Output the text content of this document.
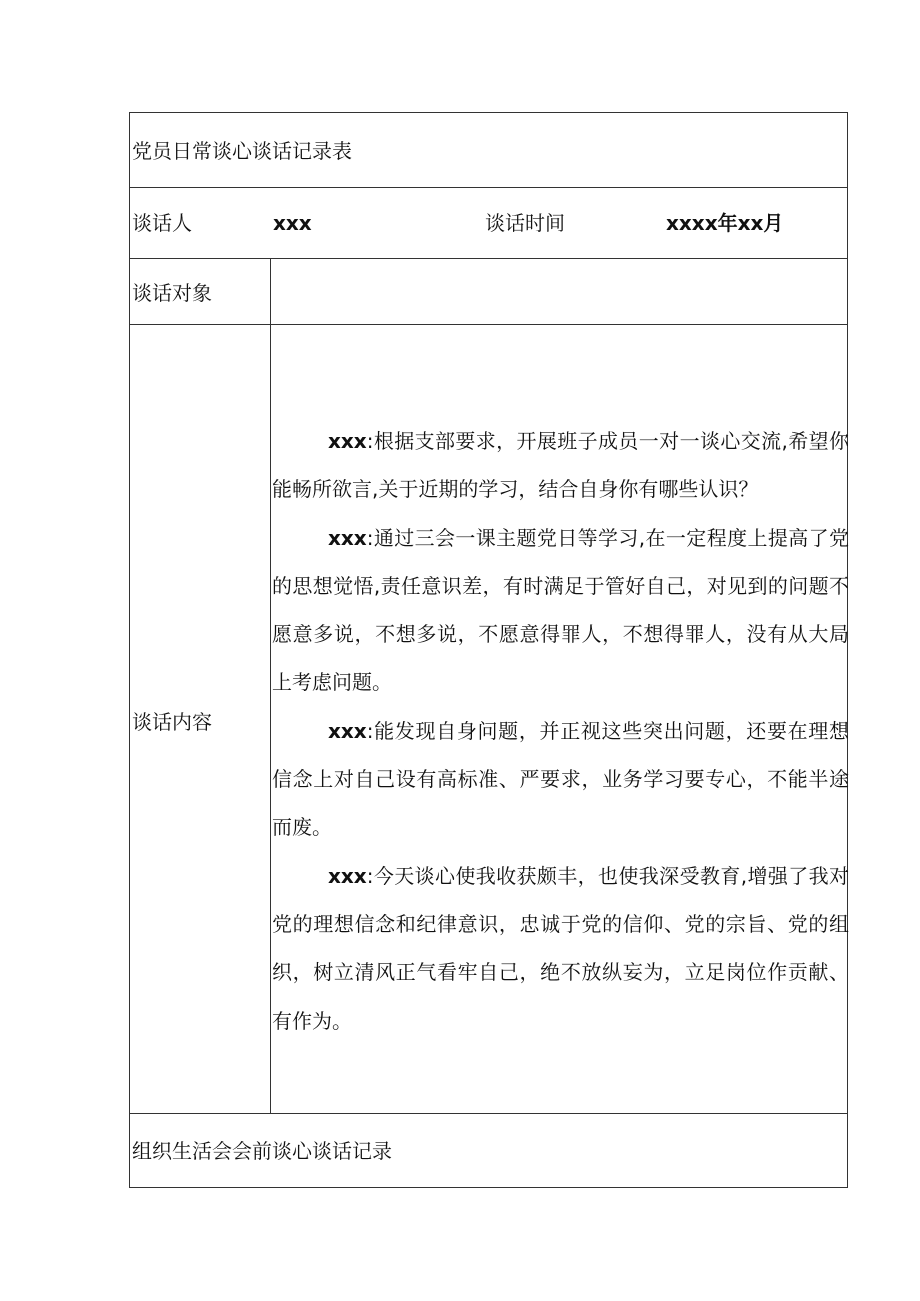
党员日常谈心谈话记录表
谈话人	xxx	谈话时间	xxxx年xx月
谈话对象
谈话内容

xxx:根据支部要求，开展班子成员一对一谈心交流,希望你能畅所欲言,关于近期的学习，结合自身你有哪些认识？

xxx:通过三会一课主题党日等学习,在一定程度上提高了党的思想觉悟,责任意识差，有时满足于管好自己，对见到的问题不愿意多说，不想多说，不愿意得罪人，不想得罪人，没有从大局上考虑问题。

xxx:能发现自身问题，并正视这些突出问题，还要在理想信念上对自己设有高标准、严要求，业务学习要专心，不能半途而废。

xxx:今天谈心使我收获颇丰，也使我深受教育,增强了我对党的理想信念和纪律意识，忠诚于党的信仰、党的宗旨、党的组织，树立清风正气看牢自己，绝不放纵妄为，立足岗位作贡献、有作为。

组织生活会会前谈心谈话记录
